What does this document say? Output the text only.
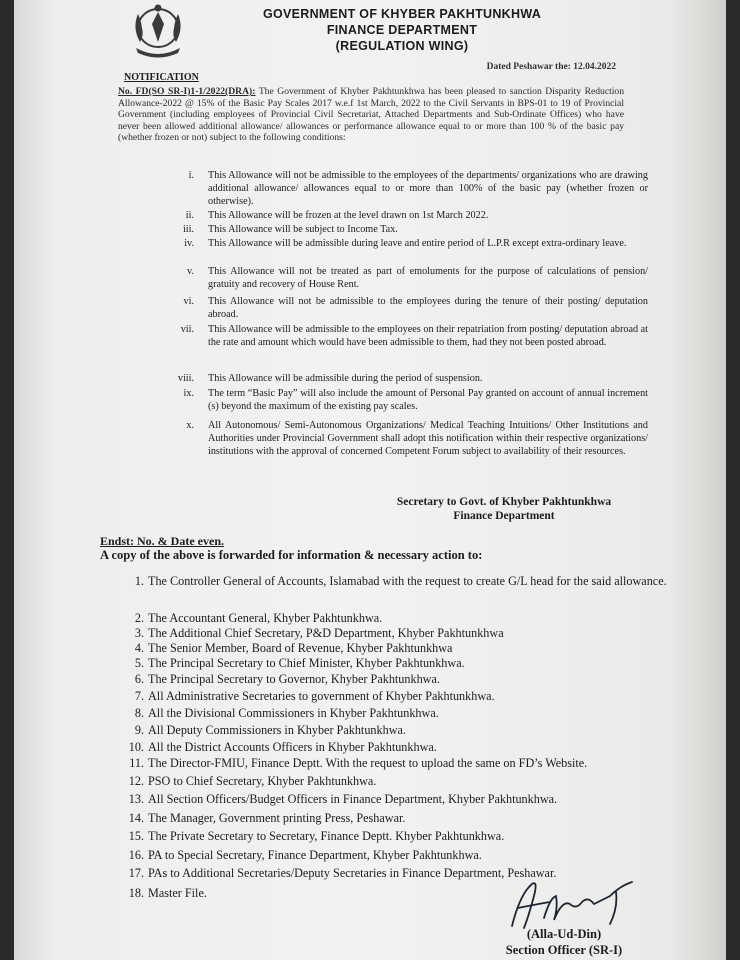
GOVERNMENT OF KHYBER PAKHTUNKHWA
FINANCE DEPARTMENT
(REGULATION WING)
Dated Peshawar the: 12.04.2022
NOTIFICATION
No. FD(SO SR-I)1-1/2022(DRA): The Government of Khyber Pakhtunkhwa has been pleased to sanction Disparity Reduction Allowance-2022 @ 15% of the Basic Pay Scales 2017 w.e.f 1st March, 2022 to the Civil Servants in BPS-01 to 19 of Provincial Government (including employees of Provincial Civil Secretariat, Attached Departments and Sub-Ordinate Offices) who have never been allowed additional allowance/ allowances or performance allowance equal to or more than 100 % of the basic pay (whether frozen or not) subject to the following conditions:
i. This Allowance will not be admissible to the employees of the departments/ organizations who are drawing additional allowance/ allowances equal to or more than 100% of the basic pay (whether frozen or otherwise).
ii. This Allowance will be frozen at the level drawn on 1st March 2022.
iii. This Allowance will be subject to Income Tax.
iv. This Allowance will be admissible during leave and entire period of L.P.R except extra-ordinary leave.
v. This Allowance will not be treated as part of emoluments for the purpose of calculations of pension/ gratuity and recovery of House Rent.
vi. This Allowance will not be admissible to the employees during the tenure of their posting/ deputation abroad.
vii. This Allowance will be admissible to the employees on their repatriation from posting/ deputation abroad at the rate and amount which would have been admissible to them, had they not been posted abroad.
viii. This Allowance will be admissible during the period of suspension.
ix. The term “Basic Pay” will also include the amount of Personal Pay granted on account of annual increment (s) beyond the maximum of the existing pay scales.
x. All Autonomous/ Semi-Autonomous Organizations/ Medical Teaching Intuitions/ Other Institutions and Authorities under Provincial Government shall adopt this notification within their respective organizations/ institutions with the approval of concerned Competent Forum subject to availability of their resources.
Secretary to Govt. of Khyber Pakhtunkhwa
Finance Department
Endst: No. & Date even.
A copy of the above is forwarded for information & necessary action to:
1. The Controller General of Accounts, Islamabad with the request to create G/L head for the said allowance.
2. The Accountant General, Khyber Pakhtunkhwa.
3. The Additional Chief Secretary, P&D Department, Khyber Pakhtunkhwa
4. The Senior Member, Board of Revenue, Khyber Pakhtunkhwa
5. The Principal Secretary to Chief Minister, Khyber Pakhtunkhwa.
6. The Principal Secretary to Governor, Khyber Pakhtunkhwa.
7. All Administrative Secretaries to government of Khyber Pakhtunkhwa.
8. All the Divisional Commissioners in Khyber Pakhtunkhwa.
9. All Deputy Commissioners in Khyber Pakhtunkhwa.
10. All the District Accounts Officers in Khyber Pakhtunkhwa.
11. The Director-FMIU, Finance Deptt. With the request to upload the same on FD’s Website.
12. PSO to Chief Secretary, Khyber Pakhtunkhwa.
13. All Section Officers/Budget Officers in Finance Department, Khyber Pakhtunkhwa.
14. The Manager, Government printing Press, Peshawar.
15. The Private Secretary to Secretary, Finance Deptt. Khyber Pakhtunkhwa.
16. PA to Special Secretary, Finance Department, Khyber Pakhtunkhwa.
17. PAs to Additional Secretaries/Deputy Secretaries in Finance Department, Peshawar.
18. Master File.
(Alla-Ud-Din)
Section Officer (SR-I)
